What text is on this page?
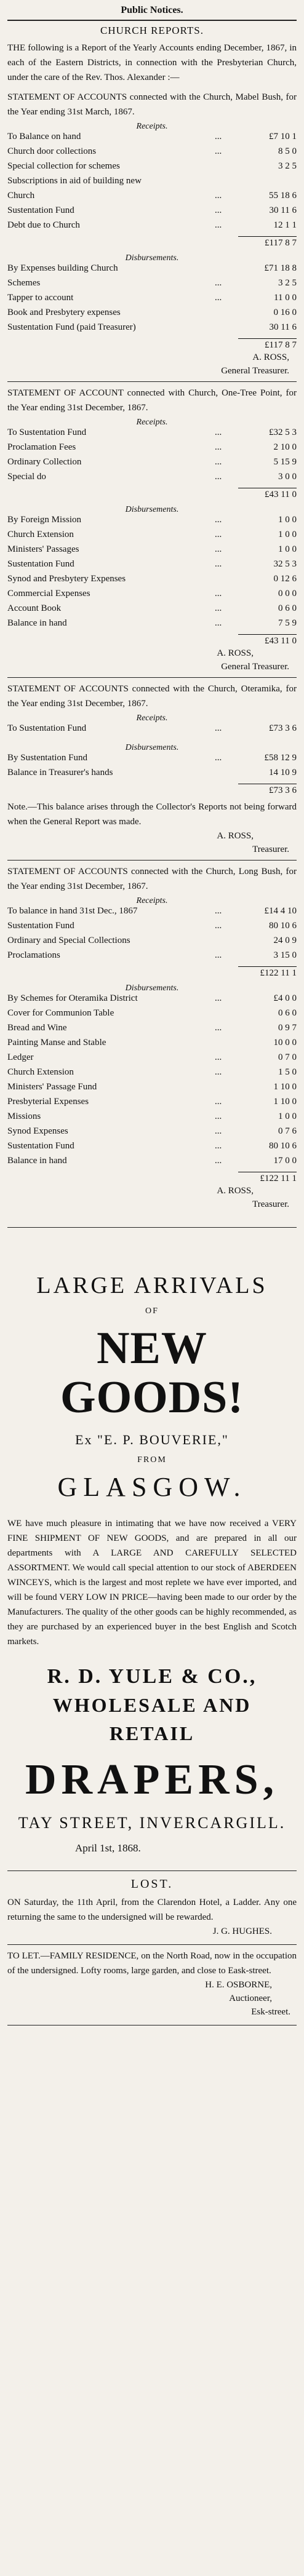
Public Notices.
CHURCH REPORTS.
THE following is a Report of the Yearly Accounts ending December, 1867, in each of the Eastern Districts, in connection with the Presbyterian Church, under the care of the Rev. Thos. Alexander :—
STATEMENT OF ACCOUNTS connected with the Church, Mabel Bush, for the Year ending 31st March, 1867.
Receipts.
To Balance on hand	...	£7 10 1
Church door collections	...	8 5 0
Special collection for schemes		3 2 5
Subscriptions in aid of building new		
Church	...	55 18 6
Sustentation Fund	...	30 11 6
Debt due to Church	...	12 1 1
£117 8 7
Disbursements.
By Expenses building Church		£71 18 8
Schemes	...	3 2 5
Tapper to account	...	11 0 0
Book and Presbytery expenses		0 16 0
Sustentation Fund (paid Treasurer)		30 11 6
£117 8 7
A. ROSS,
General Treasurer.
STATEMENT OF ACCOUNT connected with Church, One-Tree Point, for the Year ending 31st December, 1867.
Receipts.
To Sustentation Fund	...	£32 5 3
Proclamation Fees	...	2 10 0
Ordinary Collection	...	5 15 9
Special do	...	3 0 0
£43 11 0
Disbursements.
By Foreign Mission	...	1 0 0
Church Extension	...	1 0 0
Ministers' Passages	...	1 0 0
Sustentation Fund	...	32 5 3
Synod and Presbytery Expenses		0 12 6
Commercial Expenses	...	0 0 0
Account Book	...	0 6 0
Balance in hand	...	7 5 9
£43 11 0
A. ROSS,
General Treasurer.
STATEMENT OF ACCOUNTS connected with the Church, Oteramika, for the Year ending 31st December, 1867.
Receipts.
To Sustentation Fund	...	£73 3 6
Disbursements.
By Sustentation Fund	...	£58 12 9
Balance in Treasurer's hands		14 10 9
£73 3 6
Note.—This balance arises through the Collector's Reports not being forward when the General Report was made.
A. ROSS,
Treasurer.
STATEMENT OF ACCOUNTS connected with the Church, Long Bush, for the Year ending 31st December, 1867.
Receipts.
To balance in hand 31st Dec., 1867	...	£14 4 10
Sustentation Fund	...	80 10 6
Ordinary and Special Collections		24 0 9
Proclamations	...	3 15 0
£122 11 1
Disbursements.
By Schemes for Oteramika District	...	£4 0 0
Cover for Communion Table		0 6 0
Bread and Wine	...	0 9 7
Painting Manse and Stable		10 0 0
Ledger	...	0 7 0
Church Extension	...	1 5 0
Ministers' Passage Fund		1 10 0
Presbyterial Expenses	...	1 10 0
Missions	...	1 0 0
Synod Expenses	...	0 7 6
Sustentation Fund	...	80 10 6
Balance in hand	...	17 0 0
£122 11 1
A. ROSS,
Treasurer.
LARGE ARRIVALS
OF
NEW GOODS!
Ex "E. P. BOUVERIE,"
FROM
GLASGOW.
WE have much pleasure in intimating that we have now received a VERY FINE SHIPMENT OF NEW GOODS, and are prepared in all our departments with A LARGE AND CAREFULLY SELECTED ASSORTMENT. We would call special attention to our stock of ABERDEEN WINCEYS, which is the largest and most replete we have ever imported, and will be found VERY LOW IN PRICE—having been made to our order by the Manufacturers. The quality of the other goods can be highly recommended, as they are purchased by an experienced buyer in the best English and Scotch markets.
R. D. YULE & CO.,
WHOLESALE AND RETAIL
DRAPERS,
TAY STREET, INVERCARGILL.
April 1st, 1868.
LOST.
ON Saturday, the 11th April, from the Clarendon Hotel, a Ladder. Any one returning the same to the undersigned will be rewarded.
J. G. HUGHES.
TO LET.—FAMILY RESIDENCE, on the North Road, now in the occupation of the undersigned. Lofty rooms, large garden, and close to Eask-street.
H. E. OSBORNE,
Auctioneer,
Esk-street.
